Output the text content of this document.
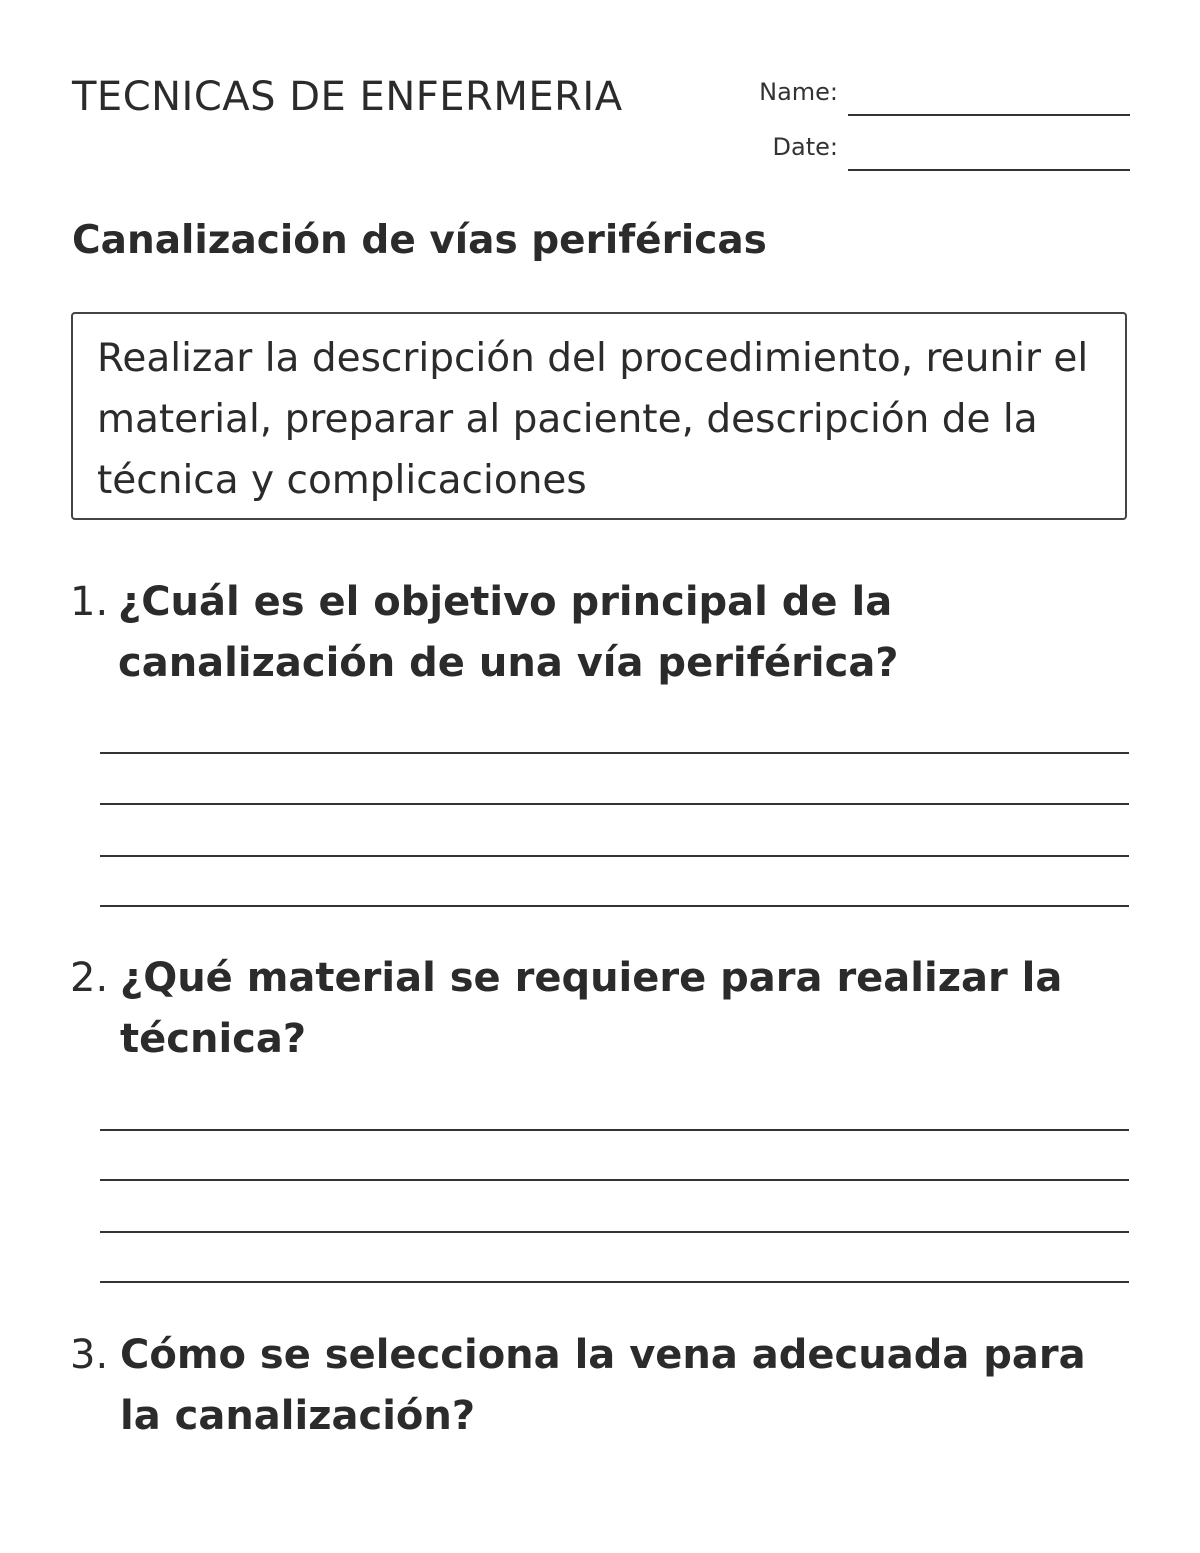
TECNICAS DE ENFERMERIA	Name:
Date:
Canalización de vías periféricas
Realizar la descripción del procedimiento, reunir el material, preparar al paciente, descripción de la técnica y complicaciones
1. ¿Cuál es el objetivo principal de la canalización de una vía periférica?
2. ¿Qué material se requiere para realizar la técnica?
3. Cómo se selecciona la vena adecuada para la canalización?
